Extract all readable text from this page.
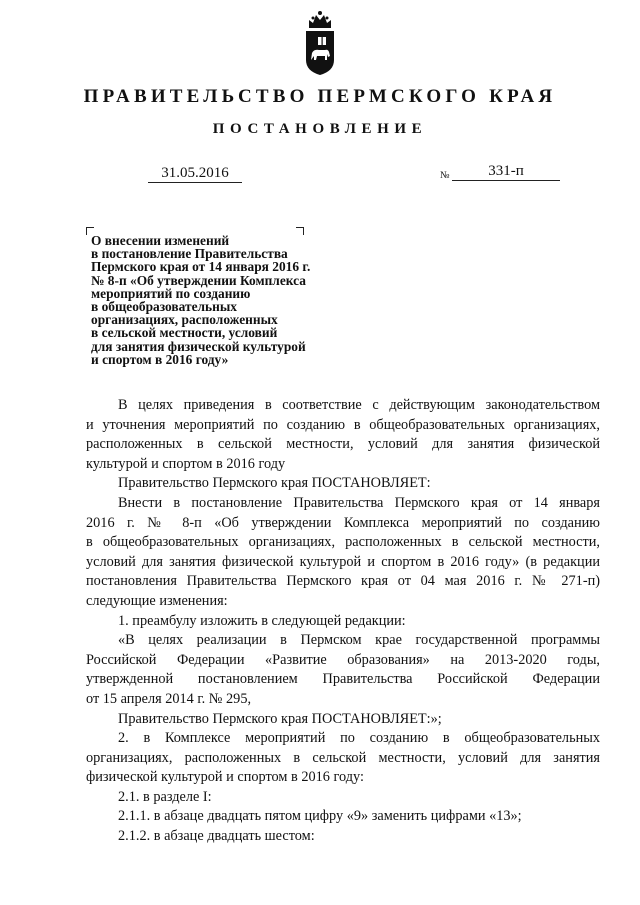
ПРАВИТЕЛЬСТВО ПЕРМСКОГО КРАЯ
ПОСТАНОВЛЕНИЕ
31.05.2016	№	331-п
О внесении изменений
в постановление Правительства
Пермского края от 14 января 2016 г.
№ 8-п «Об утверждении Комплекса
мероприятий по созданию
в общеобразовательных
организациях, расположенных
в сельской местности, условий
для занятия физической культурой
и спортом в 2016 году»

В целях приведения в соответствие с действующим законодательством

и уточнения мероприятий по созданию в общеобразовательных организациях,

расположенных в сельской местности, условий для занятия физической

культурой и спортом в 2016 году

Правительство Пермского края ПОСТАНОВЛЯЕТ:

Внести в постановление Правительства Пермского края от 14 января

2016 г. № 8-п «Об утверждении Комплекса мероприятий по созданию

в общеобразовательных организациях, расположенных в сельской местности,

условий для занятия физической культурой и спортом в 2016 году» (в редакции

постановления Правительства Пермского края от 04 мая 2016 г. № 271-п)

следующие изменения:

1. преамбулу изложить в следующей редакции:

«В целях реализации в Пермском крае государственной программы

Российской Федерации «Развитие образования» на 2013-2020 годы,

утвержденной постановлением Правительства Российской Федерации

от 15 апреля 2014 г. № 295,

Правительство Пермского края ПОСТАНОВЛЯЕТ:»;

2. в Комплексе мероприятий по созданию в общеобразовательных

организациях, расположенных в сельской местности, условий для занятия

физической культурой и спортом в 2016 году:

2.1. в разделе I:

2.1.1. в абзаце двадцать пятом цифру «9» заменить цифрами «13»;

2.1.2. в абзаце двадцать шестом:
